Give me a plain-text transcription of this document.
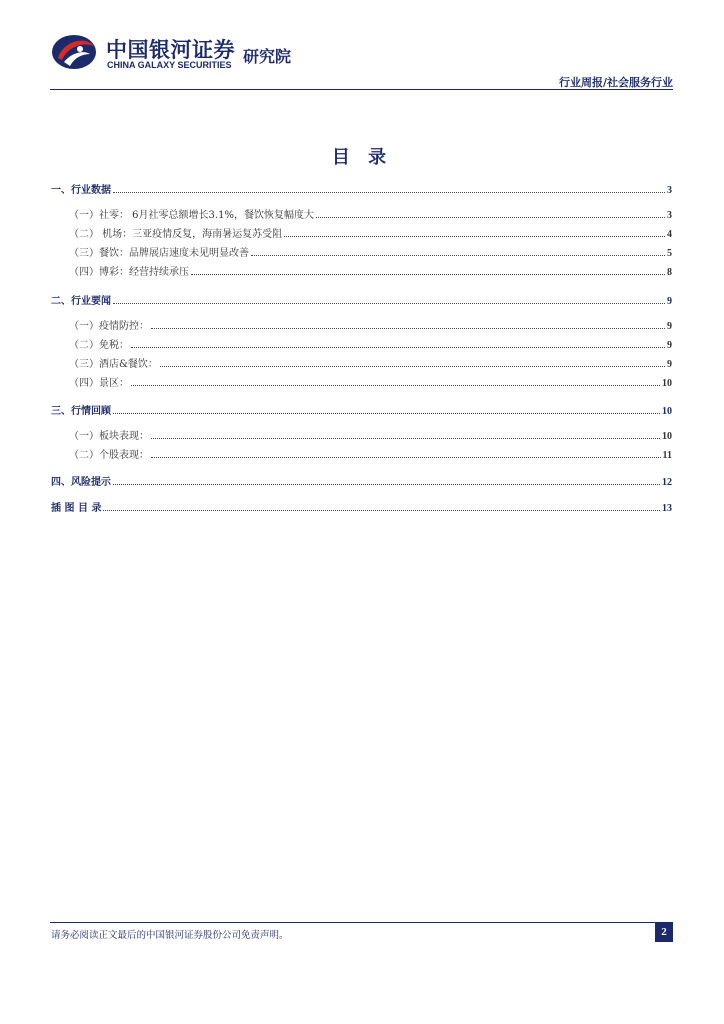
中国银河证券
CHINA GALAXY SECURITIES 研究院
行业周报/社会服务行业
目 录
一、行业数据	3
（一）社零： 6月社零总额增长3.1%，餐饮恢复幅度大	3
（二） 机场：三亚疫情反复，海南暑运复苏受阻	4
（三）餐饮：品牌展店速度未见明显改善	5
（四）博彩：经营持续承压	8
二、行业要闻	9
（一）疫情防控：	9
（二）免税：	9
（三）酒店&餐饮：	9
（四）景区：	10
三、行情回顾	10
（一）板块表现：	10
（二）个股表现：	11
四、风险提示	12
插 图 目 录	13
请务必阅读正文最后的中国银河证券股份公司免责声明。	2
